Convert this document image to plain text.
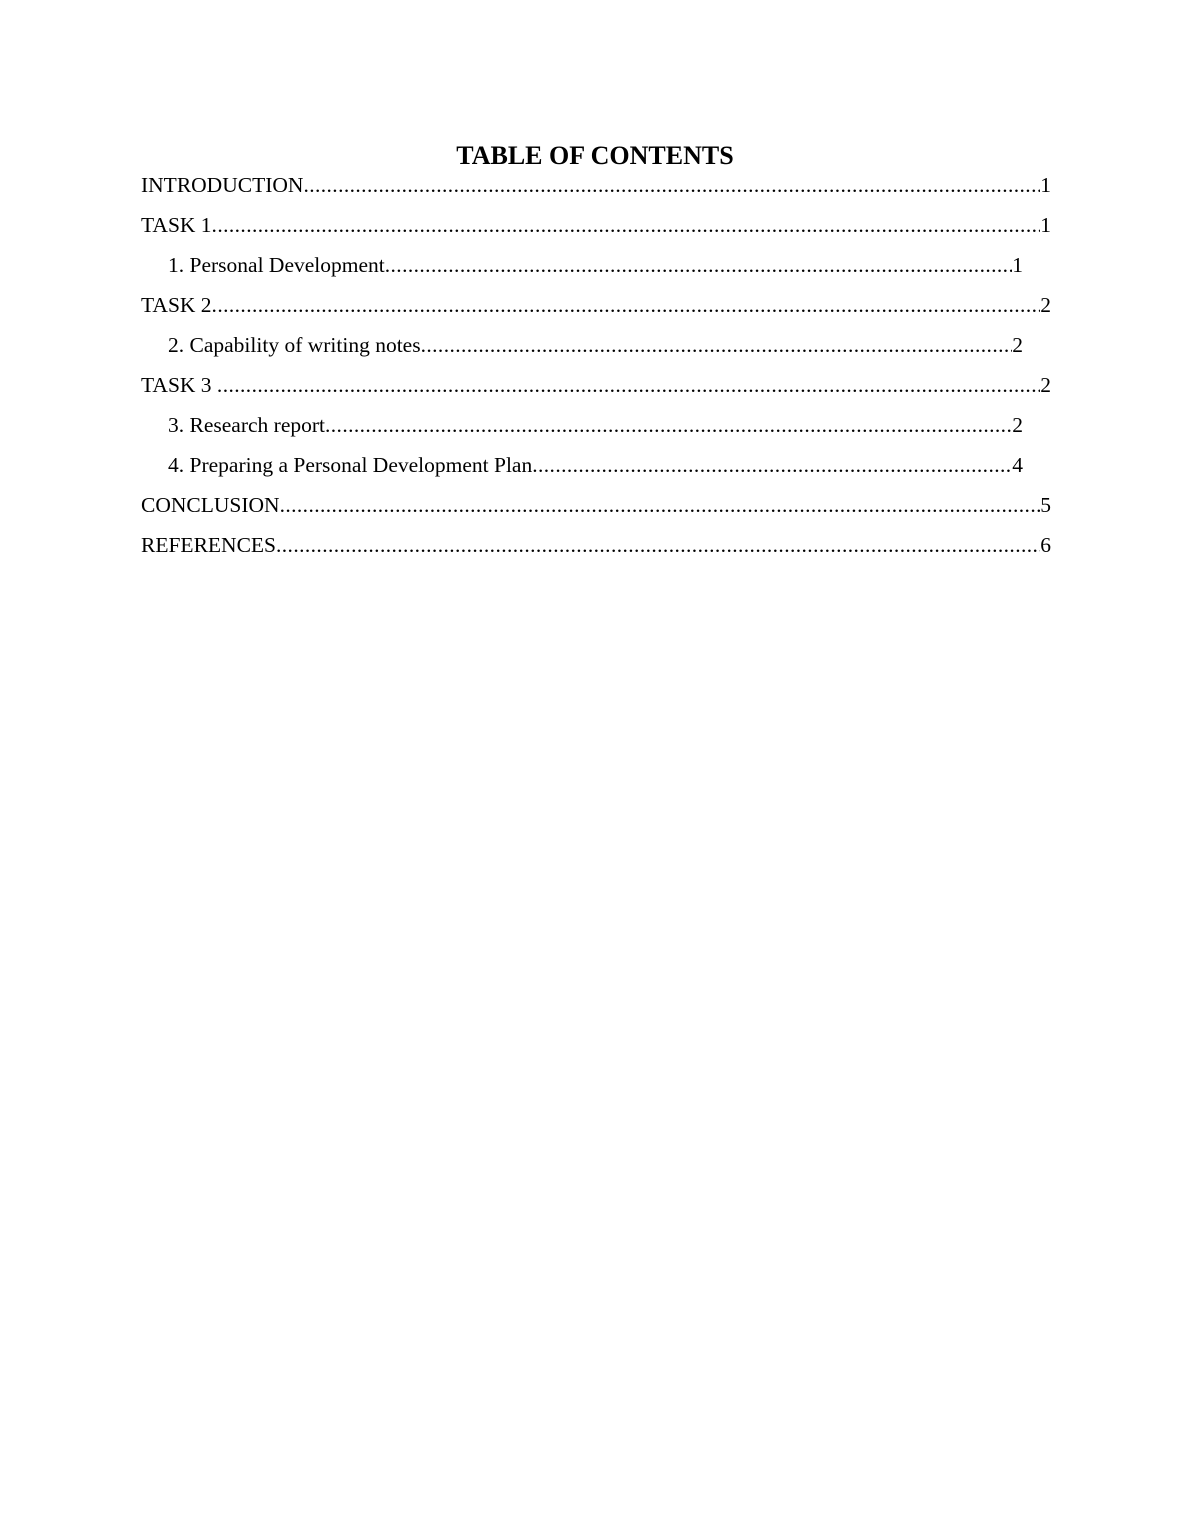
TABLE OF CONTENTS
INTRODUCTION .....	1
TASK 1 .....	1
1. Personal Development .....	1
TASK 2 .....	2
2. Capability of writing notes .....	2
TASK 3 .....	2
3. Research report .....	2
4. Preparing a Personal Development Plan .....	4
CONCLUSION .....	5
REFERENCES .....	6
